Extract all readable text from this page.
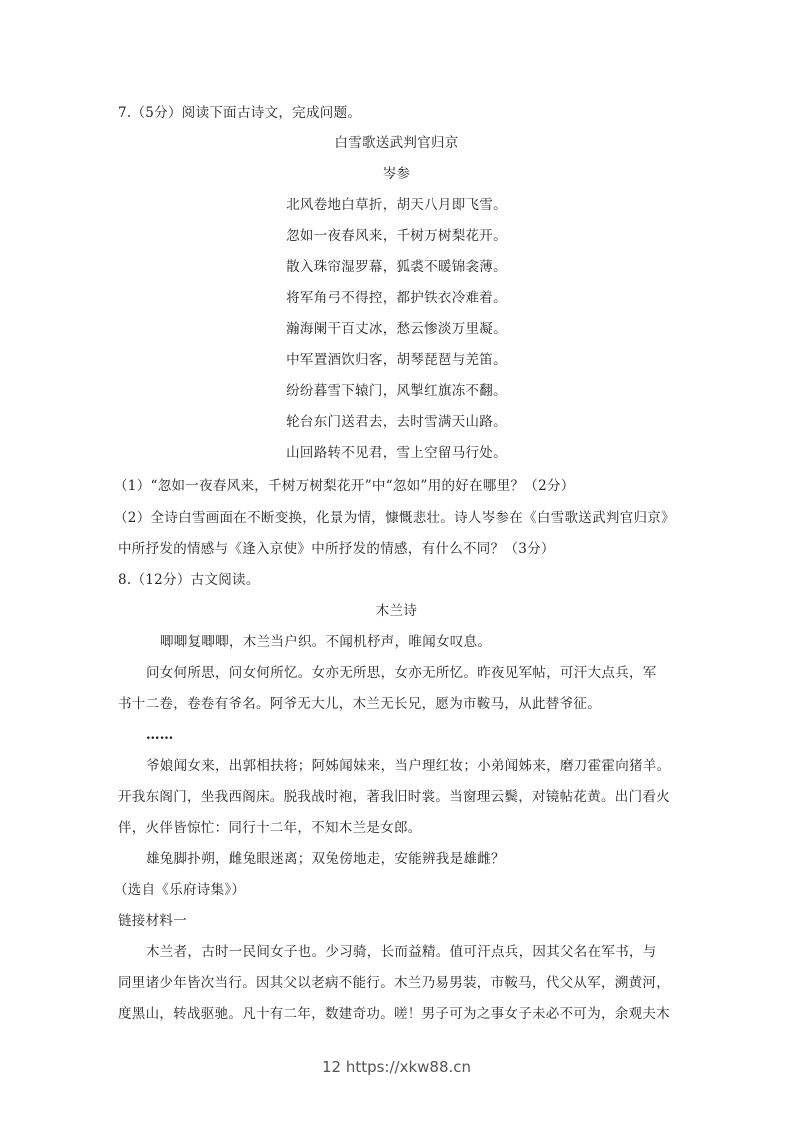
7.（5分）阅读下面古诗文，完成问题。
白雪歌送武判官归京
岑参
北风卷地白草折，胡天八月即飞雪。
忽如一夜春风来，千树万树梨花开。
散入珠帘湿罗幕，狐裘不暖锦衾薄。
将军角弓不得控，都护铁衣冷难着。
瀚海阑干百丈冰，愁云惨淡万里凝。
中军置酒饮归客，胡琴琵琶与羌笛。
纷纷暮雪下辕门，风掣红旗冻不翻。
轮台东门送君去，去时雪满天山路。
山回路转不见君，雪上空留马行处。
（1）“忽如一夜春风来，千树万树梨花开”中“忽如”用的好在哪里？（2分）
（2）全诗白雪画面在不断变换，化景为情，慷慨悲壮。诗人岑参在《白雪歌送武判官归京》
中所抒发的情感与《逢入京使》中所抒发的情感，有什么不同？（3分）
8.（12分）古文阅读。
木兰诗
唧唧复唧唧，木兰当户织。不闻机杼声，唯闻女叹息。
问女何所思，问女何所忆。女亦无所思，女亦无所忆。昨夜见军帖，可汗大点兵，军
书十二卷，卷卷有爷名。阿爷无大儿，木兰无长兄，愿为市鞍马，从此替爷征。
……
爷娘闻女来，出郭相扶将；阿姊闻妹来，当户理红妆；小弟闻姊来，磨刀霍霍向猪羊。
开我东阁门，坐我西阁床。脱我战时袍，著我旧时裳。当窗理云鬓，对镜帖花黄。出门看火
伴，火伴皆惊忙：同行十二年，不知木兰是女郎。
雄兔脚扑朔，雌兔眼迷离；双兔傍地走，安能辨我是雄雌？
（选自《乐府诗集》）
链接材料一
木兰者，古时一民间女子也。少习骑，长而益精。值可汗点兵，因其父名在军书，与
同里诸少年皆次当行。因其父以老病不能行。木兰乃易男装，市鞍马，代父从军，溯黄河，
度黑山，转战驱驰。凡十有二年，数建奇功。嗟！男子可为之事女子未必不可为，余观夫木
12 https://xkw88.cn
